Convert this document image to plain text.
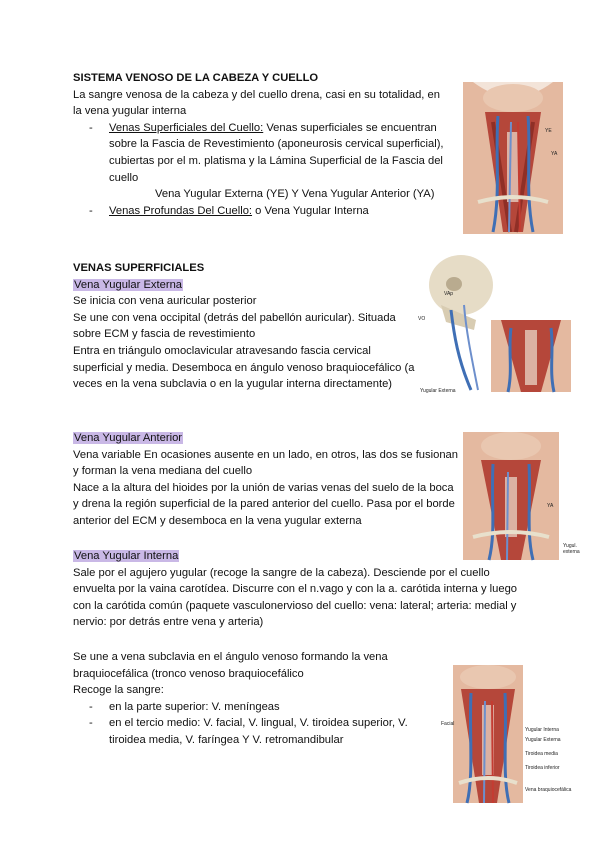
SISTEMA VENOSO DE LA CABEZA Y CUELLO

La sangre venosa de la cabeza y del cuello drena, casi en su totalidad, en la vena yugular interna

- Venas Superficiales del Cuello: Venas superficiales se encuentran sobre la Fascia de Revestimiento (aponeurosis cervical superficial), cubiertas por el m. platisma y la Lámina Superficial de la Fascia del cuello
Vena Yugular Externa (YE) Y Vena Yugular Anterior (YA)
- Venas Profundas Del Cuello: o Vena Yugular Interna

VENAS SUPERFICIALES

Vena Yugular Externa

Se inicia con vena auricular posterior

Se une con vena occipital (detrás del pabellón auricular). Situada sobre ECM y fascia de revestimiento

Entra en triángulo omoclavicular atravesando fascia cervical superficial y media. Desemboca en ángulo venoso braquiocefálico (a veces en la vena subclavia o en la yugular interna directamente)

Vena Yugular Anterior

Vena variable En ocasiones ausente en un lado, en otros, las dos se fusionan y forman la vena mediana del cuello

Nace a la altura del hioides por la unión de varias venas del suelo de la boca y drena la región superficial de la pared anterior del cuello. Pasa por el borde anterior del ECM y desemboca en la vena yugular externa

Vena Yugular Interna

Sale por el agujero yugular (recoge la sangre de la cabeza). Desciende por el cuello envuelta por la vaina carotídea. Discurre con el n.vago y con la a. carótida interna y luego con la carótida común (paquete vasculonervioso del cuello: vena: lateral; arteria: medial y nervio: por detrás entre vena y arteria)

Se une a vena subclavia en el ángulo venoso formando la vena braquiocefálica (tronco venoso braquiocefálico

Recoge la sangre:

- en la parte superior: V. meníngeas
- en el tercio medio: V. facial, V. lingual, V. tiroidea superior, V. tiroidea media, V. faríngea Y V. retromandibular
YE
YA
VAp
VO
Yugular Externa
YA
Yugul.
externa
Facial
Yugular Interna
Yugular Externa
Tiroidea media
Tiroidea inferior
Vena braquiocefálica
